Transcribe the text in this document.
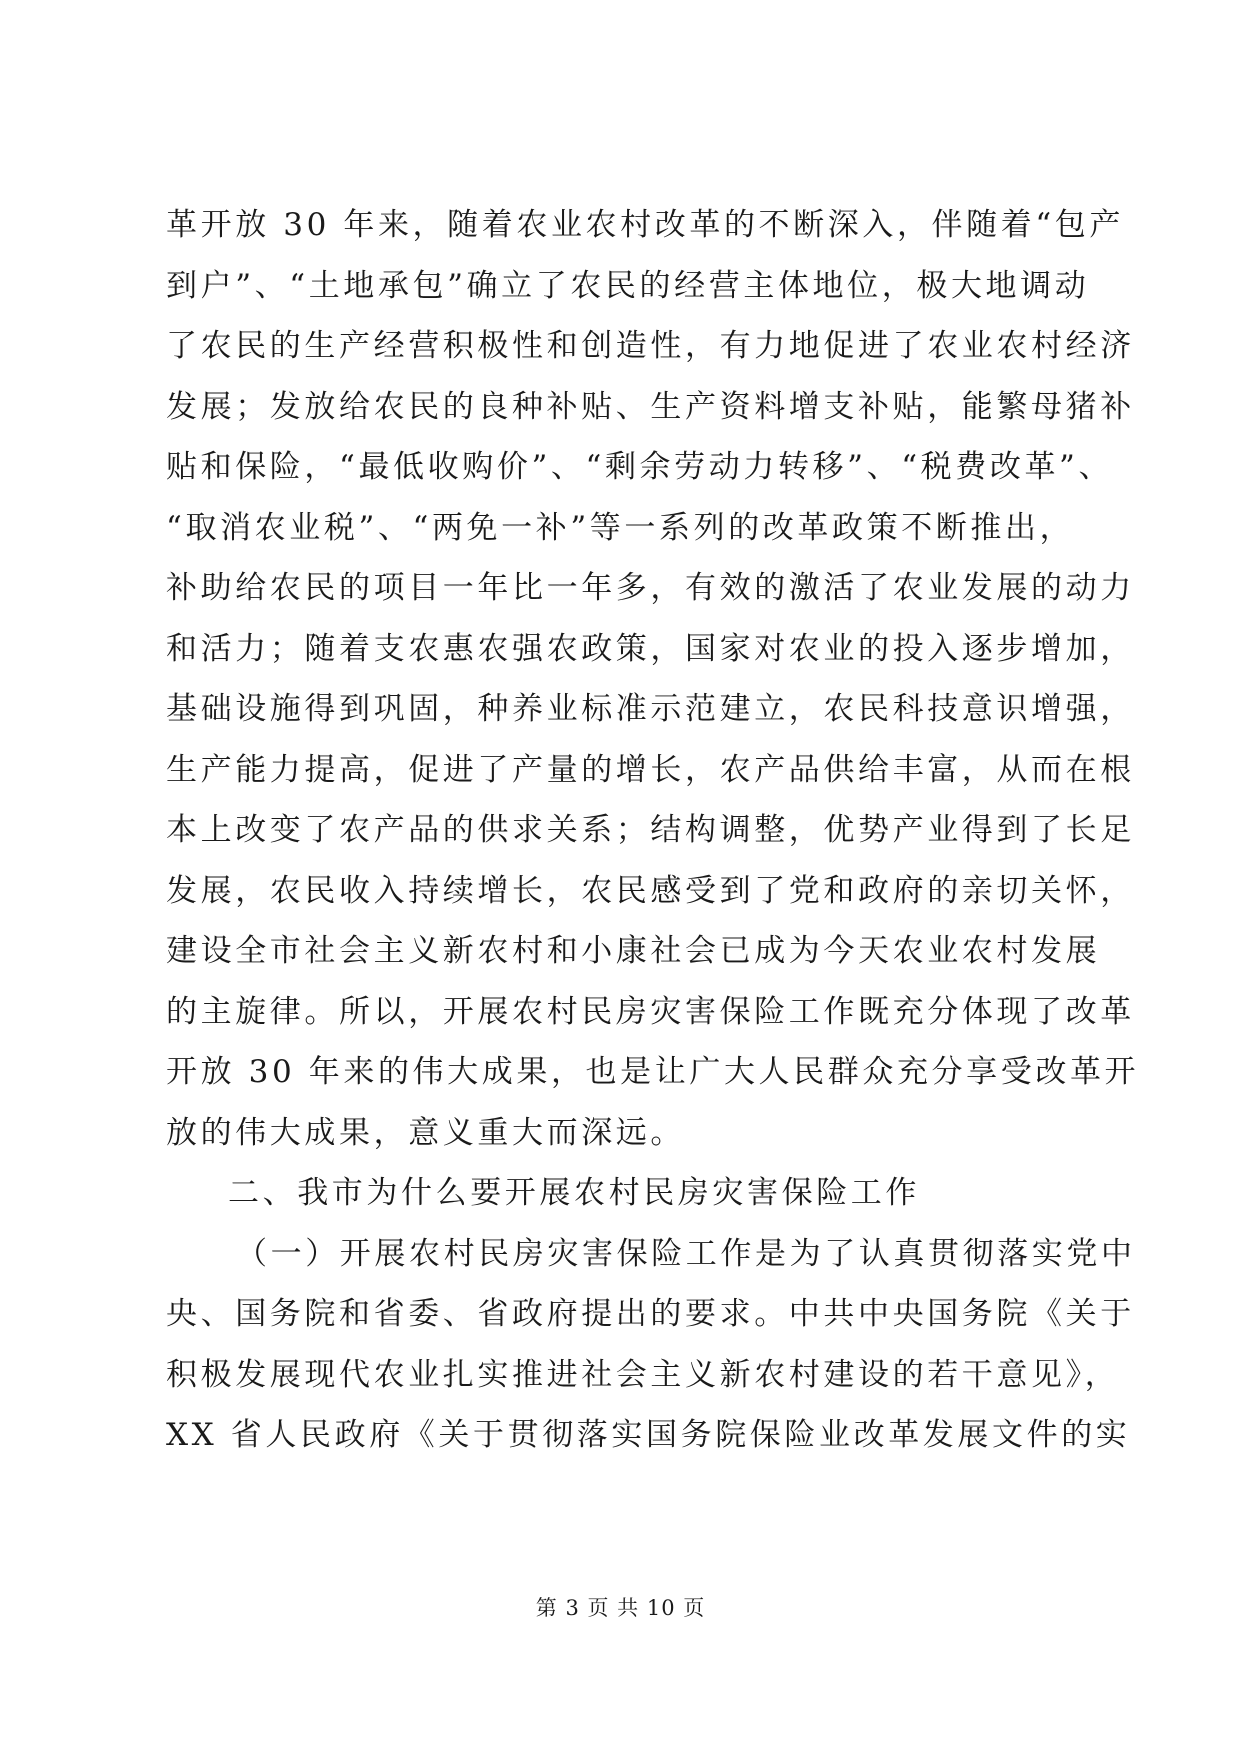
革开放 30 年来，随着农业农村改革的不断深入，伴随着“包产
到户”、“土地承包”确立了农民的经营主体地位，极大地调动
了农民的生产经营积极性和创造性，有力地促进了农业农村经济
发展；发放给农民的良种补贴、生产资料增支补贴，能繁母猪补
贴和保险，“最低收购价”、“剩余劳动力转移”、“税费改革”、
“取消农业税”、“两免一补”等一系列的改革政策不断推出，
补助给农民的项目一年比一年多，有效的激活了农业发展的动力
和活力；随着支农惠农强农政策，国家对农业的投入逐步增加，
基础设施得到巩固，种养业标准示范建立，农民科技意识增强，
生产能力提高，促进了产量的增长，农产品供给丰富，从而在根
本上改变了农产品的供求关系；结构调整，优势产业得到了长足
发展，农民收入持续增长，农民感受到了党和政府的亲切关怀，
建设全市社会主义新农村和小康社会已成为今天农业农村发展
的主旋律。所以，开展农村民房灾害保险工作既充分体现了改革
开放 30 年来的伟大成果，也是让广大人民群众充分享受改革开
放的伟大成果，意义重大而深远。
二、我市为什么要开展农村民房灾害保险工作
（一）开展农村民房灾害保险工作是为了认真贯彻落实党中
央、国务院和省委、省政府提出的要求。中共中央国务院《关于
积极发展现代农业扎实推进社会主义新农村建设的若干意见》，
XX 省人民政府《关于贯彻落实国务院保险业改革发展文件的实
第 3 页 共 10 页
